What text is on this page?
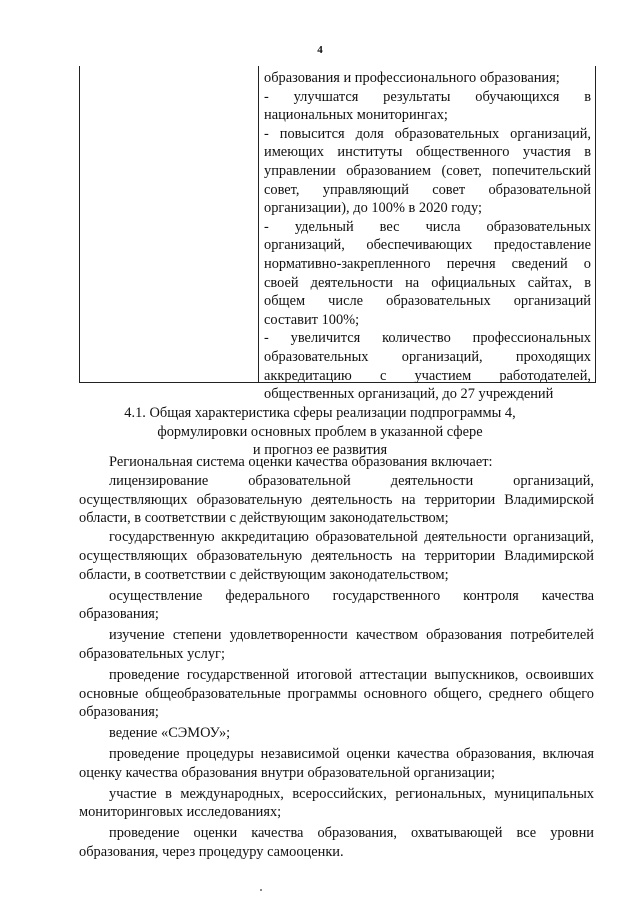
4
образования и профессионального образования;
- улучшатся результаты обучающихся в
национальных мониторингах;
- повысится доля образовательных организаций,
имеющих институты общественного участия в
управлении образованием (совет, попечительский
совет, управляющий совет образовательной
организации), до 100% в 2020 году;
- удельный вес числа образовательных
организаций, обеспечивающих предоставление
нормативно-закрепленного перечня сведений о
своей деятельности на официальных сайтах, в
общем числе образовательных организаций
составит 100%;
- увеличится количество профессиональных
образовательных организаций, проходящих
аккредитацию с участием работодателей,
общественных организаций, до 27 учреждений
4.1. Общая характеристика сферы реализации подпрограммы 4,
формулировки основных проблем в указанной сфере
и прогноз ее развития
Региональная система оценки качества образования включает:
лицензирование образовательной деятельности организаций,
осуществляющих образовательную деятельность на территории Владимирской
области, в соответствии с действующим законодательством;
государственную аккредитацию образовательной деятельности организаций,
осуществляющих образовательную деятельность на территории Владимирской
области, в соответствии с действующим законодательством;
осуществление федерального государственного контроля качества
образования;
изучение степени удовлетворенности качеством образования потребителей
образовательных услуг;
проведение государственной итоговой аттестации выпускников, освоивших
основные общеобразовательные программы основного общего, среднего общего
образования;
ведение «СЭМОУ»;
проведение процедуры независимой оценки качества образования, включая
оценку качества образования внутри образовательной организации;
участие в международных, всероссийских, региональных, муниципальных
мониторинговых исследованиях;
проведение оценки качества образования, охватывающей все уровни
образования, через процедуру самооценки.
